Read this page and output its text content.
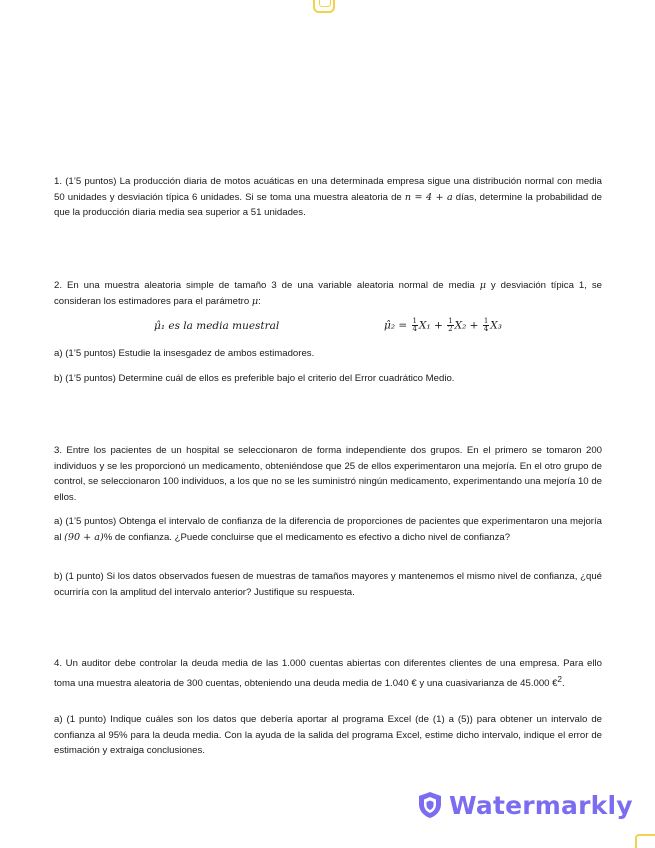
1. (1’5 puntos) La producción diaria de motos acuáticas en una determinada empresa sigue una distribución normal con media 50 unidades y desviación típica 6 unidades. Si se toma una muestra aleatoria de n = 4 + a días, determine la probabilidad de que la producción diaria media sea superior a 51 unidades.

2. En una muestra aleatoria simple de tamaño 3 de una variable aleatoria normal de media μ y desviación típica 1, se consideran los estimadores para el parámetro μ:

μ̂₁ es la media muestral	μ̂₂ = $\frac{1}{4} X_1 + \frac{1}{2} X_2 + \frac{1}{4} X_3$

a) (1’5 puntos) Estudie la insesgadez de ambos estimadores.

b) (1’5 puntos) Determine cuál de ellos es preferible bajo el criterio del Error cuadrático Medio.

3. Entre los pacientes de un hospital se seleccionaron de forma independiente dos grupos. En el primero se tomaron 200 individuos y se les proporcionó un medicamento, obteniéndose que 25 de ellos experimentaron una mejoría. En el otro grupo de control, se seleccionaron 100 individuos, a los que no se les suministró ningún medicamento, experimentando una mejoría 10 de ellos.

a) (1’5 puntos) Obtenga el intervalo de confianza de la diferencia de proporciones de pacientes que experimentaron una mejoría al (90 + a)% de confianza. ¿Puede concluirse que el medicamento es efectivo a dicho nivel de confianza?

b) (1 punto) Si los datos observados fuesen de muestras de tamaños mayores y mantenemos el mismo nivel de confianza, ¿qué ocurriría con la amplitud del intervalo anterior? Justifique su respuesta.

4. Un auditor debe controlar la deuda media de las 1.000 cuentas abiertas con diferentes clientes de una empresa. Para ello toma una muestra aleatoria de 300 cuentas, obteniendo una deuda media de 1.040 € y una cuasivarianza de 45.000 €$^2$.

a) (1 punto) Indique cuáles son los datos que debería aportar al programa Excel (de (1) a (5)) para obtener un intervalo de confianza al 95% para la deuda media. Con la ayuda de la salida del programa Excel, estime dicho intervalo, indique el error de estimación y extraiga conclusiones.

Watermarkly
